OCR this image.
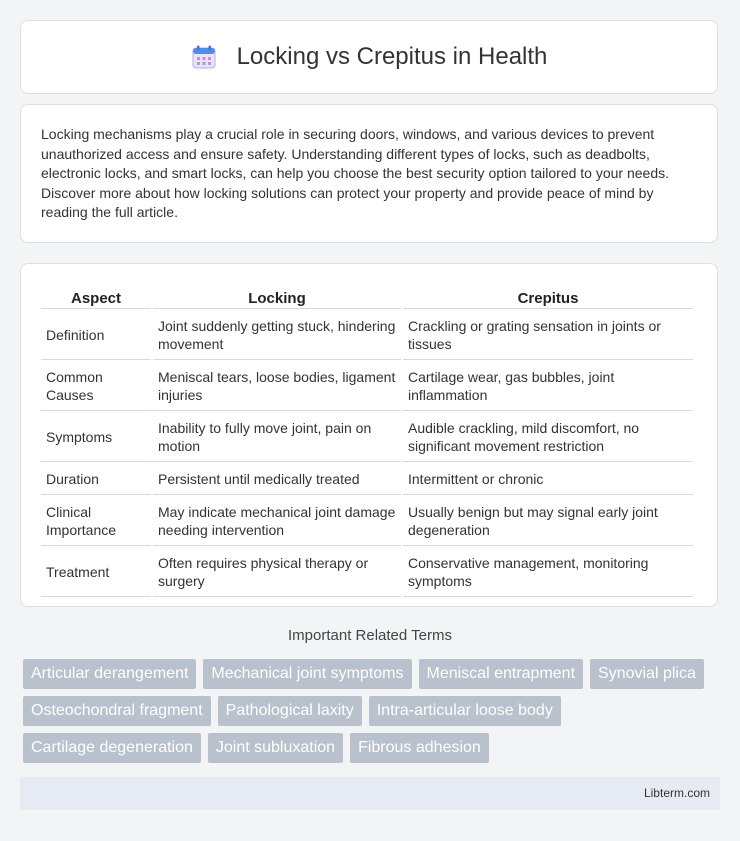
Locking vs Crepitus in Health
Locking mechanisms play a crucial role in securing doors, windows, and various devices to prevent unauthorized access and ensure safety. Understanding different types of locks, such as deadbolts, electronic locks, and smart locks, can help you choose the best security option tailored to your needs. Discover more about how locking solutions can protect your property and provide peace of mind by reading the full article.
Aspect	Locking	Crepitus
Definition	Joint suddenly getting stuck, hindering movement	Crackling or grating sensation in joints or tissues
Common Causes	Meniscal tears, loose bodies, ligament injuries	Cartilage wear, gas bubbles, joint inflammation
Symptoms	Inability to fully move joint, pain on motion	Audible crackling, mild discomfort, no significant movement restriction
Duration	Persistent until medically treated	Intermittent or chronic
Clinical Importance	May indicate mechanical joint damage needing intervention	Usually benign but may signal early joint degeneration
Treatment	Often requires physical therapy or surgery	Conservative management, monitoring symptoms
Important Related Terms
Articular derangement	Mechanical joint symptoms	Meniscal entrapment	Synovial plica
Osteochondral fragment	Pathological laxity	Intra-articular loose body
Cartilage degeneration	Joint subluxation	Fibrous adhesion
Libterm.com
